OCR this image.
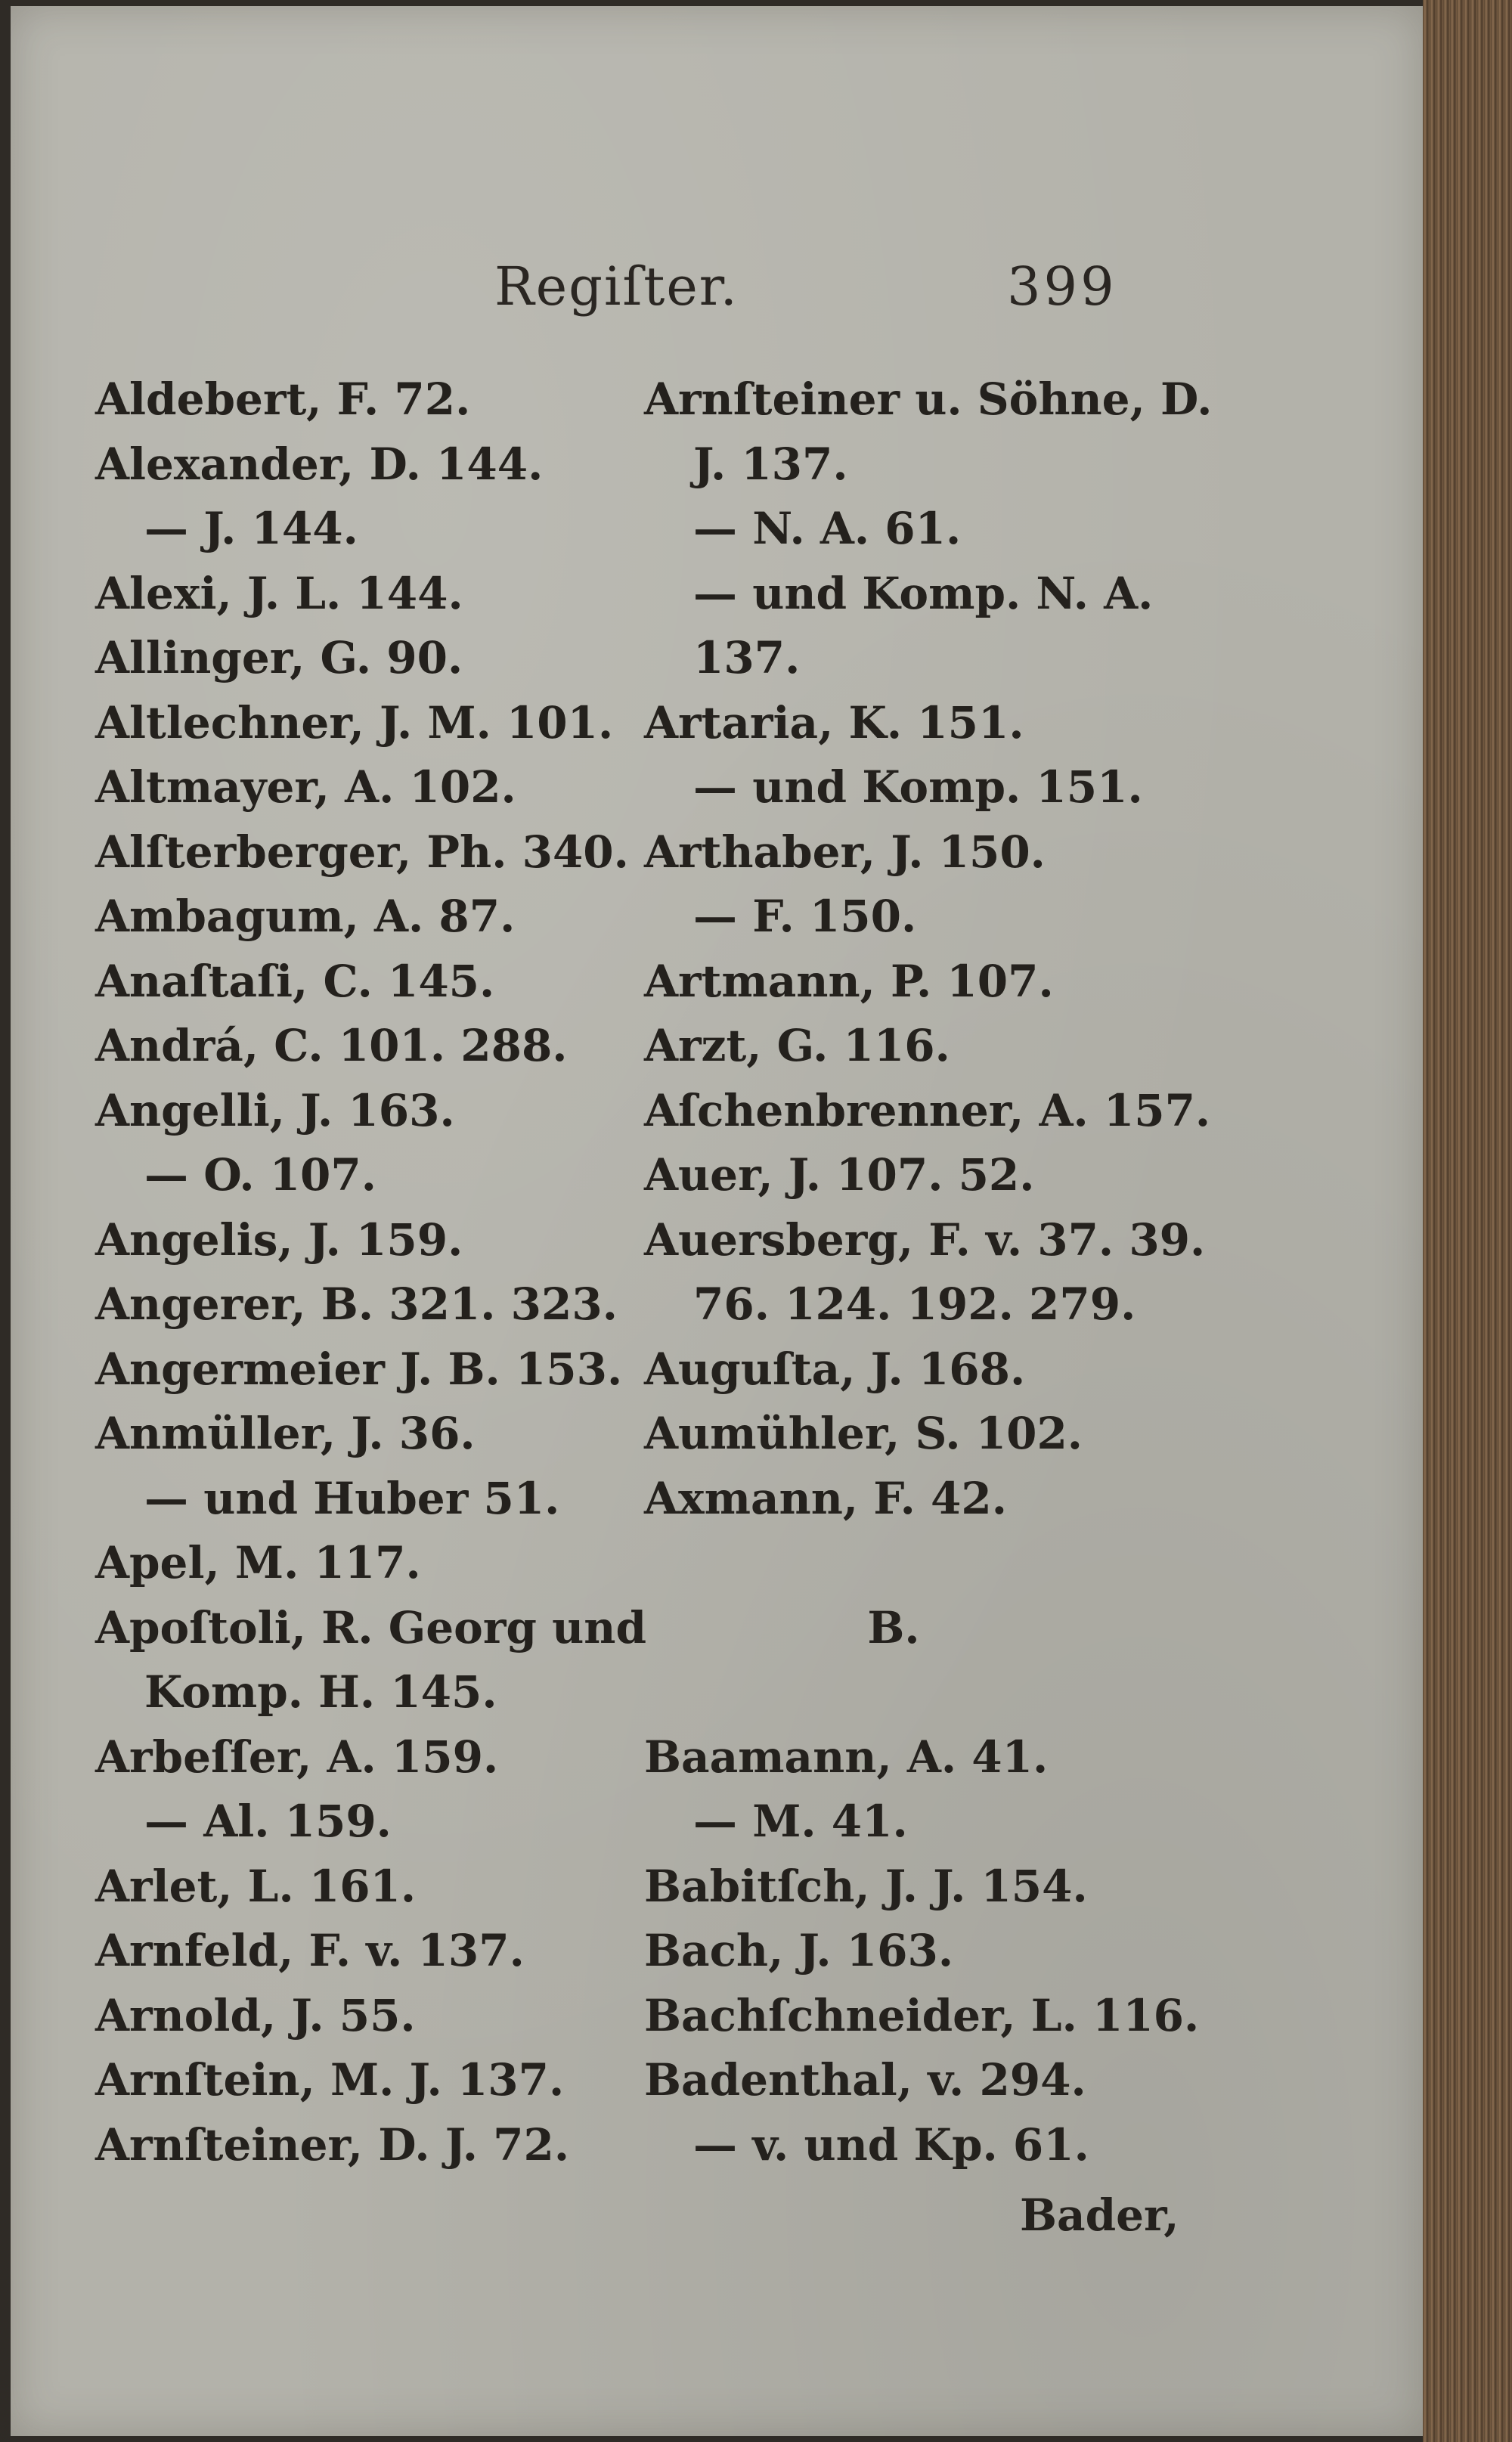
Regiſter.	399
Aldebert, F. 72.
Alexander, D. 144.
— J. 144.
Alexi, J. L. 144.
Allinger, G. 90.
Altlechner, J. M. 101.
Altmayer, A. 102.
Alſterberger, Ph. 340.
Ambagum, A. 87.
Anaſtaſi, C. 145.
Andrá, C. 101. 288.
Angelli, J. 163.
— O. 107.
Angelis, J. 159.
Angerer, B. 321. 323.
Angermeier J. B. 153.
Anmüller, J. 36.
— und Huber 51.
Apel, M. 117.
Apoſtoli, R. Georg und
Komp. H. 145.
Arbeſſer, A. 159.
— Al. 159.
Arlet, L. 161.
Arnfeld, F. v. 137.
Arnold, J. 55.
Arnſtein, M. J. 137.
Arnſteiner, D. J. 72.
Arnſteiner u. Söhne, D.
J. 137.
— N. A. 61.
— und Komp. N. A.
137.
Artaria, K. 151.
— und Komp. 151.
Arthaber, J. 150.
— F. 150.
Artmann, P. 107.
Arzt, G. 116.
Aſchenbrenner, A. 157.
Auer, J. 107. 52.
Auersberg, F. v. 37. 39.
76. 124. 192. 279.
Auguſta, J. 168.
Aumühler, S. 102.
Axmann, F. 42.
B.
Baamann, A. 41.
— M. 41.
Babitſch, J. J. 154.
Bach, J. 163.
Bachſchneider, L. 116.
Badenthal, v. 294.
— v. und Kp. 61.
Bader,
